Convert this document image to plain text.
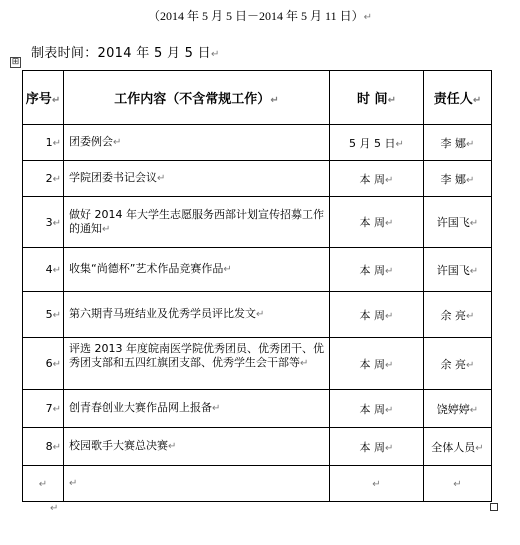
（2014 年 5 月 5 日－2014 年 5 月 11 日）↵
制表时间：2014 年 5 月 5 日↵
⊞
序号↵	工作内容（不含常规工作）↵	时 间↵	责任人↵
1↵	团委例会↵	5 月 5 日↵	李 娜↵
2↵	学院团委书记会议↵	本 周↵	李 娜↵
3↵	做好 2014 年大学生志愿服务西部计划宣传招募工作的通知↵	本 周↵	许国飞↵
4↵	收集“尚德杯”艺术作品竞赛作品↵	本 周↵	许国飞↵
5↵	第六期青马班结业及优秀学员评比发文↵	本 周↵	余 亮↵
6↵	评选 2013 年度皖南医学院优秀团员、优秀团干、优秀团支部和五四红旗团支部、优秀学生会干部等↵	本 周↵	余 亮↵
7↵	创青春创业大赛作品网上报备↵	本 周↵	饶婷婷↵
8↵	校园歌手大赛总决赛↵	本 周↵	全体人员↵
↵	↵	↵	↵
↵
